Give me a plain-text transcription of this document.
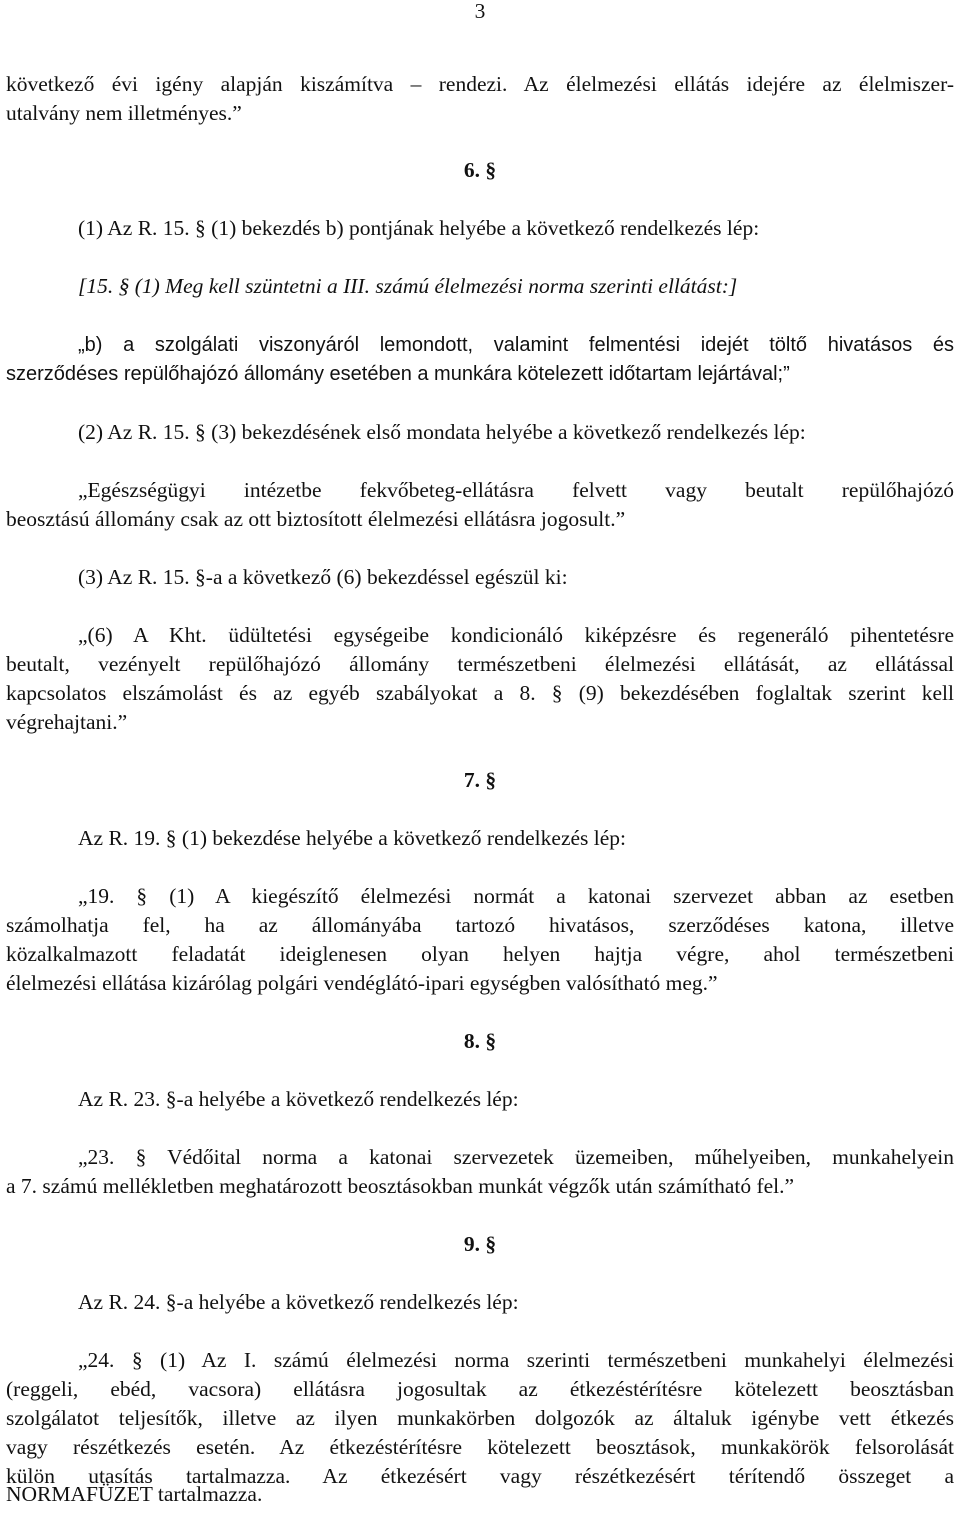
3
következő évi igény alapján kiszámítva – rendezi. Az élelmezési ellátás idejére az élelmiszer-
utalvány nem illetményes.”
6. §
(1) Az R. 15. § (1) bekezdés b) pontjának helyébe a következő rendelkezés lép:
[15. § (1) Meg kell szüntetni a III. számú élelmezési norma szerinti ellátást:]
„b) a szolgálati viszonyáról lemondott, valamint felmentési idejét töltő hivatásos és
szerződéses repülőhajózó állomány esetében a munkára kötelezett időtartam lejártával;”
(2) Az R. 15. § (3) bekezdésének első mondata helyébe a következő rendelkezés lép:
„Egészségügyi intézetbe fekvőbeteg-ellátásra felvett vagy beutalt repülőhajózó
beosztású állomány csak az ott biztosított élelmezési ellátásra jogosult.”
(3) Az R. 15. §-a a következő (6) bekezdéssel egészül ki:
„(6) A Kht. üdültetési egységeibe kondicionáló kiképzésre és regeneráló pihentetésre
beutalt, vezényelt repülőhajózó állomány természetbeni élelmezési ellátását, az ellátással
kapcsolatos elszámolást és az egyéb szabályokat a 8. § (9) bekezdésében foglaltak szerint kell
végrehajtani.”
7. §
Az R. 19. § (1) bekezdése helyébe a következő rendelkezés lép:
„19. § (1) A kiegészítő élelmezési normát a katonai szervezet abban az esetben
számolhatja fel, ha az állományába tartozó hivatásos, szerződéses katona, illetve
közalkalmazott feladatát ideiglenesen olyan helyen hajtja végre, ahol természetbeni
élelmezési ellátása kizárólag polgári vendéglátó-ipari egységben valósítható meg.”
8. §
Az R. 23. §-a helyébe a következő rendelkezés lép:
„23. § Védőital norma a katonai szervezetek üzemeiben, műhelyeiben, munkahelyein
a 7. számú mellékletben meghatározott beosztásokban munkát végzők után számítható fel.”
9. §
Az R. 24. §-a helyébe a következő rendelkezés lép:
„24. § (1) Az I. számú élelmezési norma szerinti természetbeni munkahelyi élelmezési
(reggeli, ebéd, vacsora) ellátásra jogosultak az étkezéstérítésre kötelezett beosztásban
szolgálatot teljesítők, illetve az ilyen munkakörben dolgozók az általuk igénybe vett étkezés
vagy részétkezés esetén. Az étkezéstérítésre kötelezett beosztások, munkakörök felsorolását
külön utasítás tartalmazza. Az étkezésért vagy részétkezésért térítendő összeget a
NORMAFÜZET tartalmazza.
